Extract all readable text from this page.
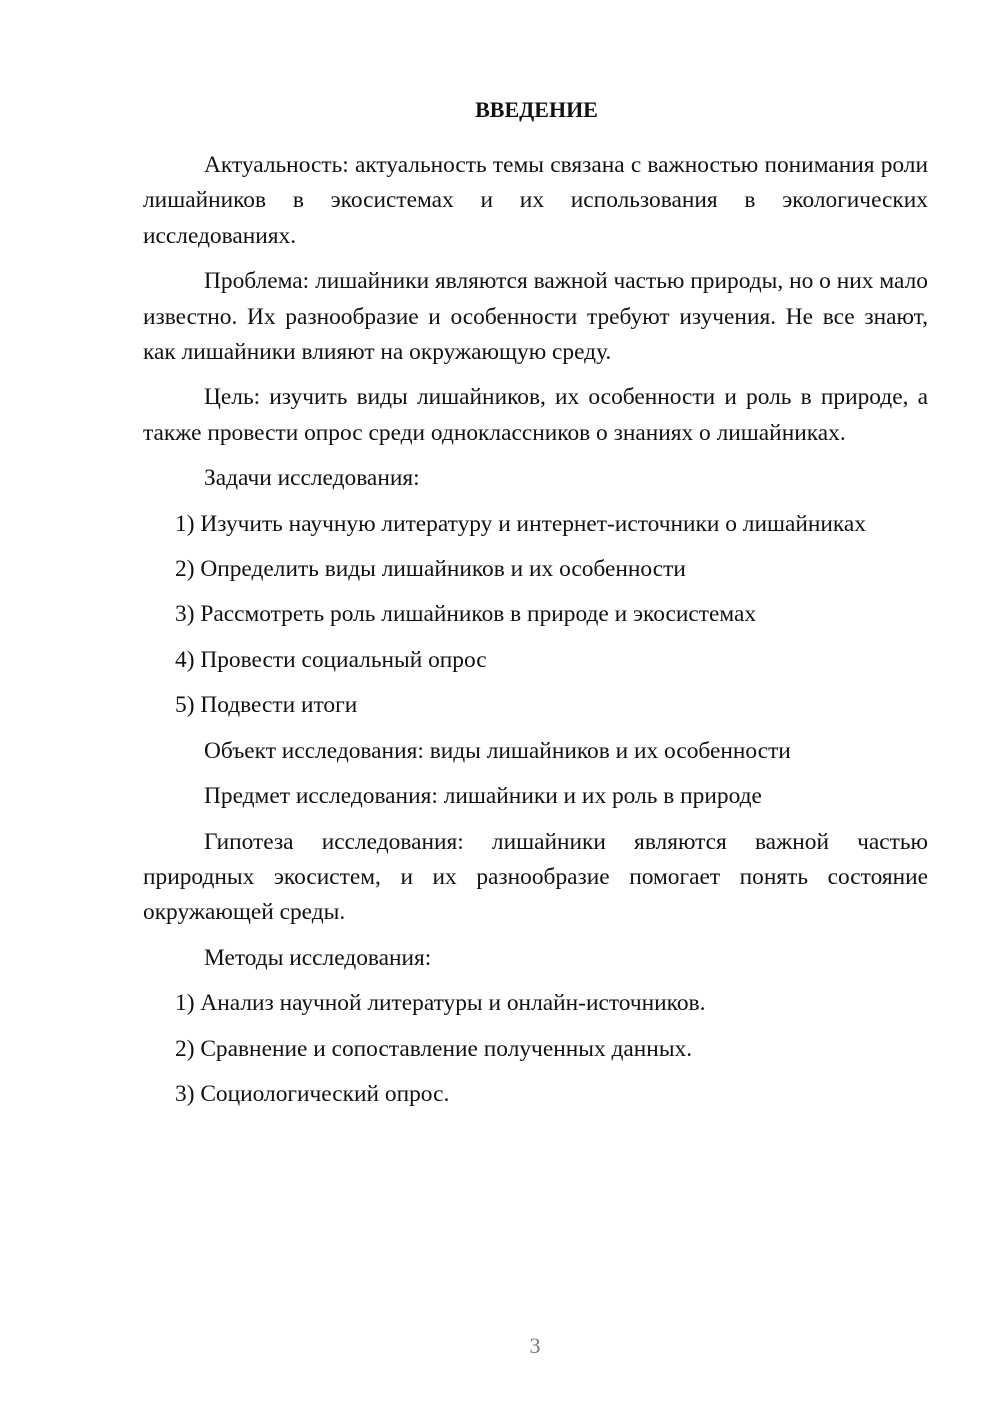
ВВЕДЕНИЕ

Актуальность: актуальность темы связана с важностью понимания роли лишайников в экосистемах и их использования в экологических исследованиях.

Проблема: лишайники являются важной частью природы, но о них мало известно. Их разнообразие и особенности требуют изучения. Не все знают, как лишайники влияют на окружающую среду.

Цель: изучить виды лишайников, их особенности и роль в природе, а также провести опрос среди одноклассников о знаниях о лишайниках.

Задачи исследования:

1) Изучить научную литературу и интернет-источники о лишайниках
2) Определить виды лишайников и их особенности
3) Рассмотреть роль лишайников в природе и экосистемах
4) Провести социальный опрос
5) Подвести итоги

Объект исследования: виды лишайников и их особенности

Предмет исследования: лишайники и их роль в природе

Гипотеза исследования: лишайники являются важной частью природных экосистем, и их разнообразие помогает понять состояние окружающей среды.

Методы исследования:

1) Анализ научной литературы и онлайн-источников.
2) Сравнение и сопоставление полученных данных.
3) Социологический опрос.
3
